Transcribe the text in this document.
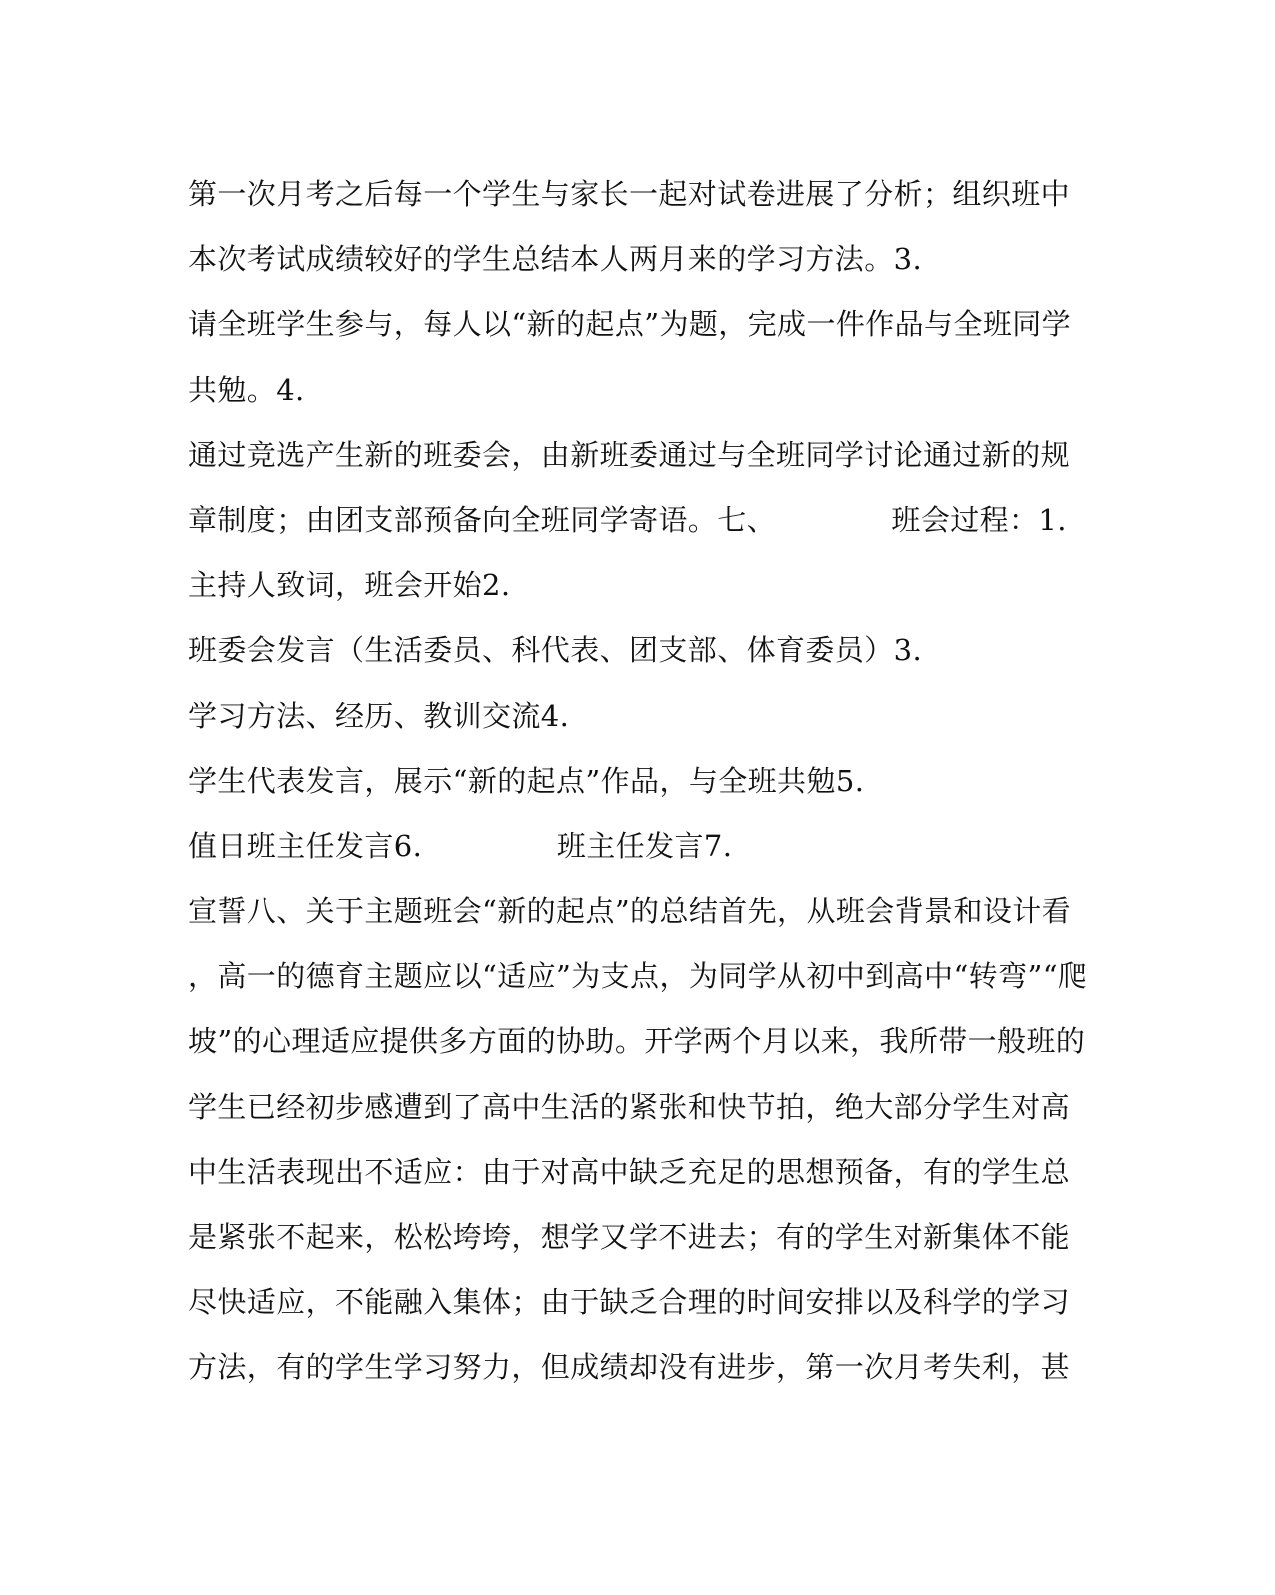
第一次月考之后每一个学生与家长一起对试卷进展了分析；组织班中
本次考试成绩较好的学生总结本人两月来的学习方法。3.
请全班学生参与，每人以“新的起点”为题，完成一件作品与全班同学
共勉。4.
通过竞选产生新的班委会，由新班委通过与全班同学讨论通过新的规
章制度；由团支部预备向全班同学寄语。七、            班会过程：1.
主持人致词，班会开始2.
班委会发言（生活委员、科代表、团支部、体育委员）3.
学习方法、经历、教训交流4.
学生代表发言，展示“新的起点”作品，与全班共勉5.
值日班主任发言6.              班主任发言7.
宣誓八、关于主题班会“新的起点”的总结首先，从班会背景和设计看
，高一的德育主题应以“适应”为支点，为同学从初中到高中“转弯”“爬
坡”的心理适应提供多方面的协助。开学两个月以来，我所带一般班的
学生已经初步感遭到了高中生活的紧张和快节拍，绝大部分学生对高
中生活表现出不适应：由于对高中缺乏充足的思想预备，有的学生总
是紧张不起来，松松垮垮，想学又学不进去；有的学生对新集体不能
尽快适应，不能融入集体；由于缺乏合理的时间安排以及科学的学习
方法，有的学生学习努力，但成绩却没有进步，第一次月考失利，甚
